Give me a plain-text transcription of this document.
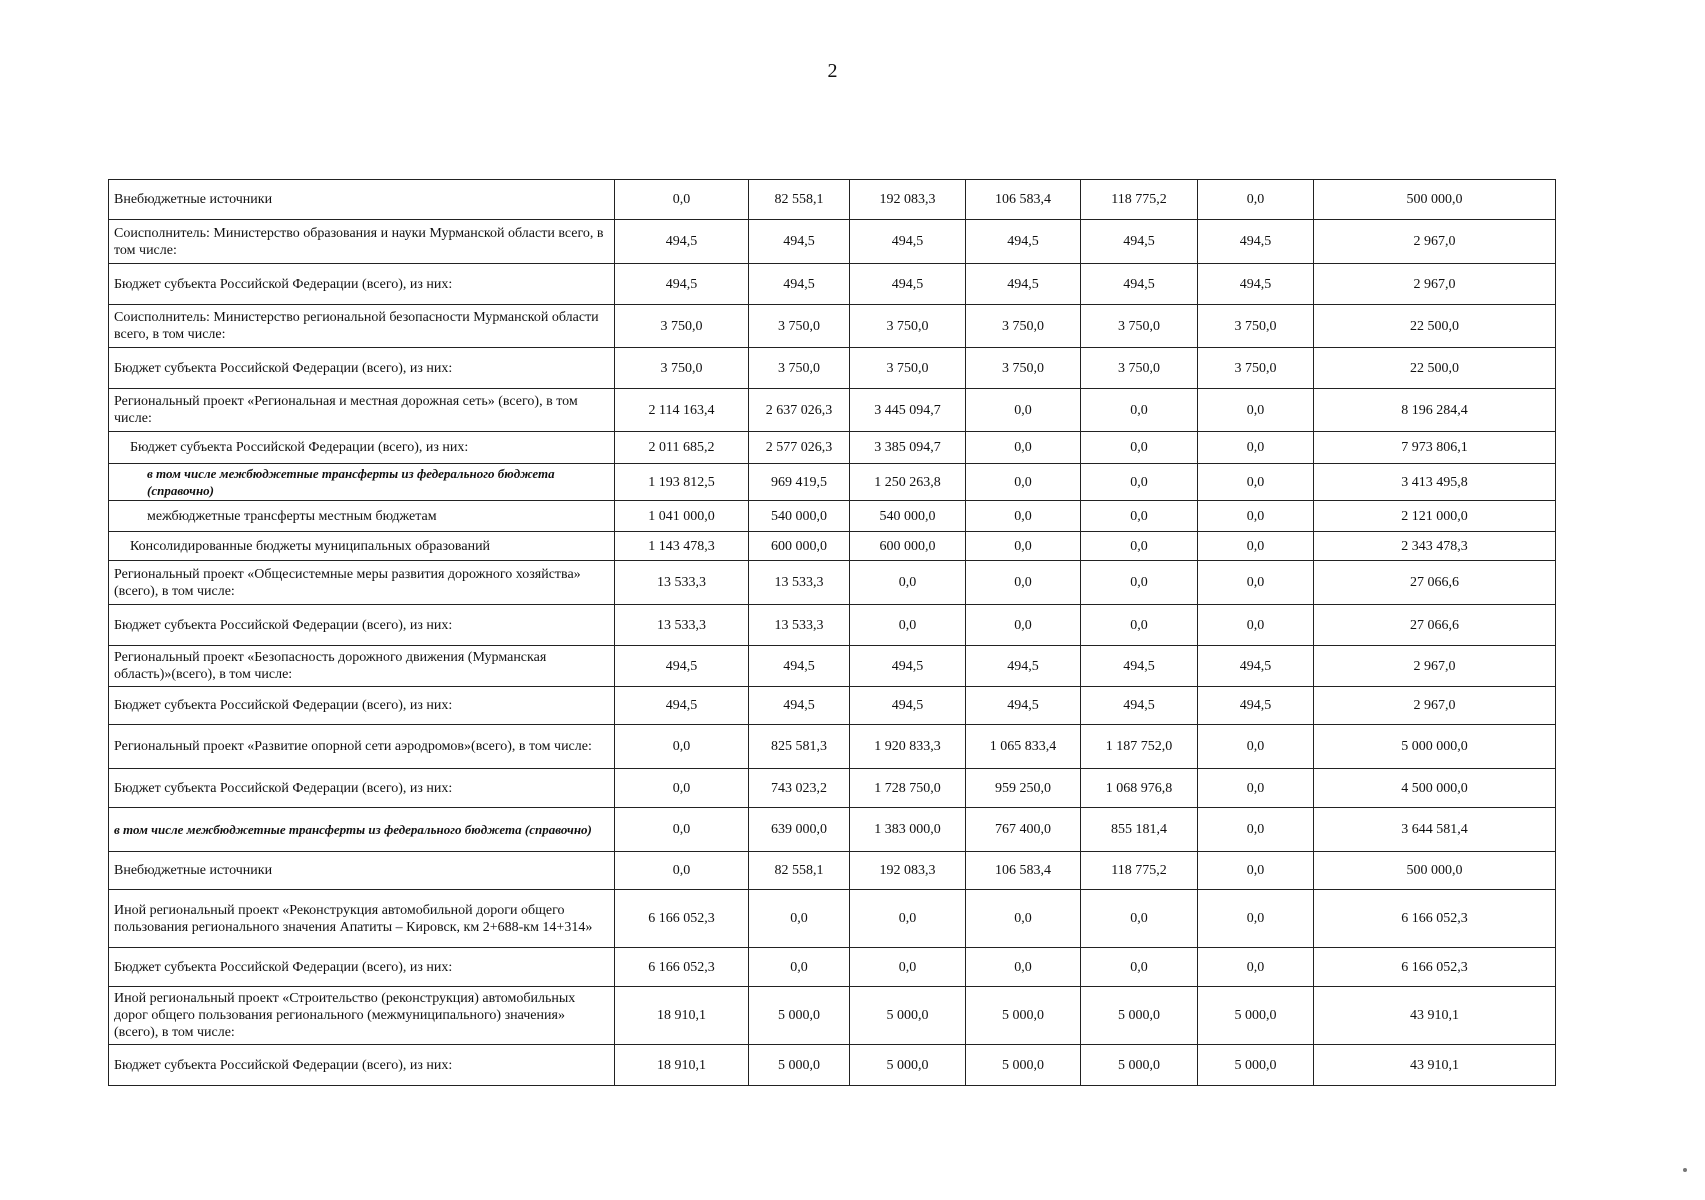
2
Внебюджетные источники	0,0	82 558,1	192 083,3	106 583,4	118 775,2	0,0	500 000,0
Соисполнитель: Министерство образования и науки Мурманской области всего, в том числе:	494,5	494,5	494,5	494,5	494,5	494,5	2 967,0
Бюджет субъекта Российской Федерации (всего), из них:	494,5	494,5	494,5	494,5	494,5	494,5	2 967,0
Соисполнитель: Министерство региональной безопасности Мурманской области всего, в том числе:	3 750,0	3 750,0	3 750,0	3 750,0	3 750,0	3 750,0	22 500,0
Бюджет субъекта Российской Федерации (всего), из них:	3 750,0	3 750,0	3 750,0	3 750,0	3 750,0	3 750,0	22 500,0
Региональный проект «Региональная и местная дорожная сеть» (всего), в том числе:	2 114 163,4	2 637 026,3	3 445 094,7	0,0	0,0	0,0	8 196 284,4
Бюджет субъекта Российской Федерации (всего), из них:	2 011 685,2	2 577 026,3	3 385 094,7	0,0	0,0	0,0	7 973 806,1
в том числе межбюджетные трансферты из федерального бюджета (справочно)	1 193 812,5	969 419,5	1 250 263,8	0,0	0,0	0,0	3 413 495,8
межбюджетные трансферты местным бюджетам	1 041 000,0	540 000,0	540 000,0	0,0	0,0	0,0	2 121 000,0
Консолидированные бюджеты муниципальных образований	1 143 478,3	600 000,0	600 000,0	0,0	0,0	0,0	2 343 478,3
Региональный проект «Общесистемные меры развития дорожного хозяйства» (всего), в том числе:	13 533,3	13 533,3	0,0	0,0	0,0	0,0	27 066,6
Бюджет субъекта Российской Федерации (всего), из них:	13 533,3	13 533,3	0,0	0,0	0,0	0,0	27 066,6
Региональный проект «Безопасность дорожного движения (Мурманская область)»(всего), в том числе:	494,5	494,5	494,5	494,5	494,5	494,5	2 967,0
Бюджет субъекта Российской Федерации (всего), из них:	494,5	494,5	494,5	494,5	494,5	494,5	2 967,0
Региональный проект «Развитие опорной сети аэродромов»(всего), в том числе:	0,0	825 581,3	1 920 833,3	1 065 833,4	1 187 752,0	0,0	5 000 000,0
Бюджет субъекта Российской Федерации (всего), из них:	0,0	743 023,2	1 728 750,0	959 250,0	1 068 976,8	0,0	4 500 000,0
в том числе межбюджетные трансферты из федерального бюджета (справочно)	0,0	639 000,0	1 383 000,0	767 400,0	855 181,4	0,0	3 644 581,4
Внебюджетные источники	0,0	82 558,1	192 083,3	106 583,4	118 775,2	0,0	500 000,0
Иной региональный проект «Реконструкция автомобильной дороги общего пользования регионального значения Апатиты – Кировск, км 2+688-км 14+314»	6 166 052,3	0,0	0,0	0,0	0,0	0,0	6 166 052,3
Бюджет субъекта Российской Федерации (всего), из них:	6 166 052,3	0,0	0,0	0,0	0,0	0,0	6 166 052,3
Иной региональный проект «Строительство (реконструкция) автомобильных дорог общего пользования регионального (межмуниципального) значения» (всего), в том числе:	18 910,1	5 000,0	5 000,0	5 000,0	5 000,0	5 000,0	43 910,1
Бюджет субъекта Российской Федерации (всего), из них:	18 910,1	5 000,0	5 000,0	5 000,0	5 000,0	5 000,0	43 910,1
